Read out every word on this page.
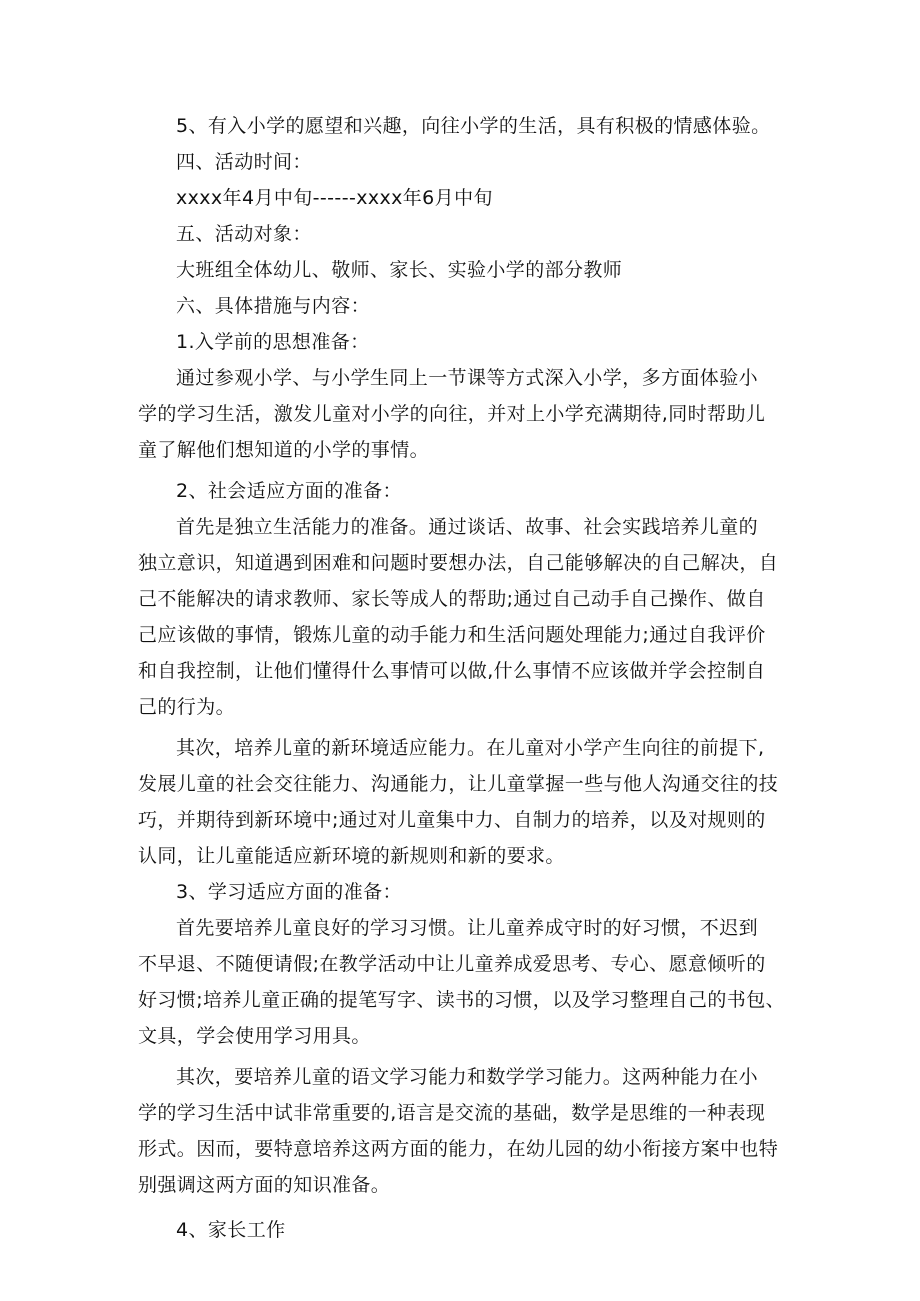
5、有入小学的愿望和兴趣，向往小学的生活，具有积极的情感体验。
四、活动时间：
xxxx年4月中旬------xxxx年6月中旬
五、活动对象：
大班组全体幼儿、敬师、家长、实验小学的部分教师
六、具体措施与内容：
1.入学前的思想准备：
通过参观小学、与小学生同上一节课等方式深入小学，多方面体验小
学的学习生活，激发儿童对小学的向往，并对上小学充满期待,同时帮助儿
童了解他们想知道的小学的事情。
2、社会适应方面的准备：
首先是独立生活能力的准备。通过谈话、故事、社会实践培养儿童的
独立意识，知道遇到困难和问题时要想办法，自己能够解决的自己解决，自
己不能解决的请求教师、家长等成人的帮助;通过自己动手自己操作、做自
己应该做的事情，锻炼儿童的动手能力和生活问题处理能力;通过自我评价
和自我控制，让他们懂得什么事情可以做,什么事情不应该做并学会控制自
己的行为。
其次，培养儿童的新环境适应能力。在儿童对小学产生向往的前提下,
发展儿童的社会交往能力、沟通能力，让儿童掌握一些与他人沟通交往的技
巧，并期待到新环境中;通过对儿童集中力、自制力的培养，以及对规则的
认同，让儿童能适应新环境的新规则和新的要求。
3、学习适应方面的准备：
首先要培养儿童良好的学习习惯。让儿童养成守时的好习惯，不迟到
不早退、不随便请假;在教学活动中让儿童养成爱思考、专心、愿意倾听的
好习惯;培养儿童正确的提笔写字、读书的习惯，以及学习整理自己的书包、
文具，学会使用学习用具。
其次，要培养儿童的语文学习能力和数学学习能力。这两种能力在小
学的学习生活中试非常重要的,语言是交流的基础，数学是思维的一种表现
形式。因而，要特意培养这两方面的能力，在幼儿园的幼小衔接方案中也特
别强调这两方面的知识准备。
4、家长工作
